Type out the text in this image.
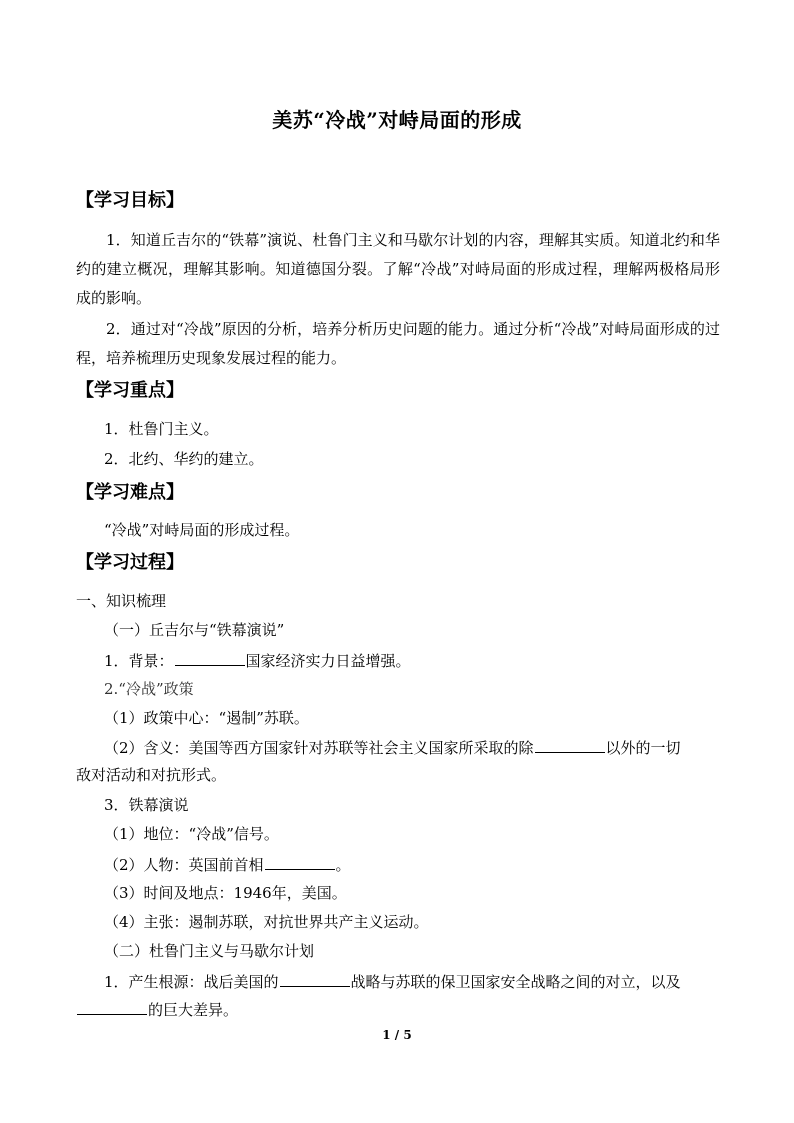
美苏“冷战”对峙局面的形成
【学习目标】
1．知道丘吉尔的“铁幕”演说、杜鲁门主义和马歇尔计划的内容，理解其实质。知道北约和华约的建立概况，理解其影响。知道德国分裂。了解“冷战”对峙局面的形成过程，理解两极格局形成的影响。
2．通过对“冷战”原因的分析，培养分析历史问题的能力。通过分析“冷战”对峙局面形成的过程，培养梳理历史现象发展过程的能力。
【学习重点】
1．杜鲁门主义。
2．北约、华约的建立。
【学习难点】
“冷战”对峙局面的形成过程。
【学习过程】
一、知识梳理
（一）丘吉尔与“铁幕演说”
1．背景：	国家经济实力日益增强。
2.“冷战”政策
（1）政策中心：“遏制”苏联。
（2）含义：美国等西方国家针对苏联等社会主义国家所采取的除	以外的一切
敌对活动和对抗形式。
3．铁幕演说
（1）地位：“冷战”信号。
（2）人物：英国前首相	。
（3）时间及地点：1946年，美国。
（4）主张：遏制苏联，对抗世界共产主义运动。
（二）杜鲁门主义与马歇尔计划
1．产生根源：战后美国的	战略与苏联的保卫国家安全战略之间的对立，以及
的巨大差异。
1 / 5
